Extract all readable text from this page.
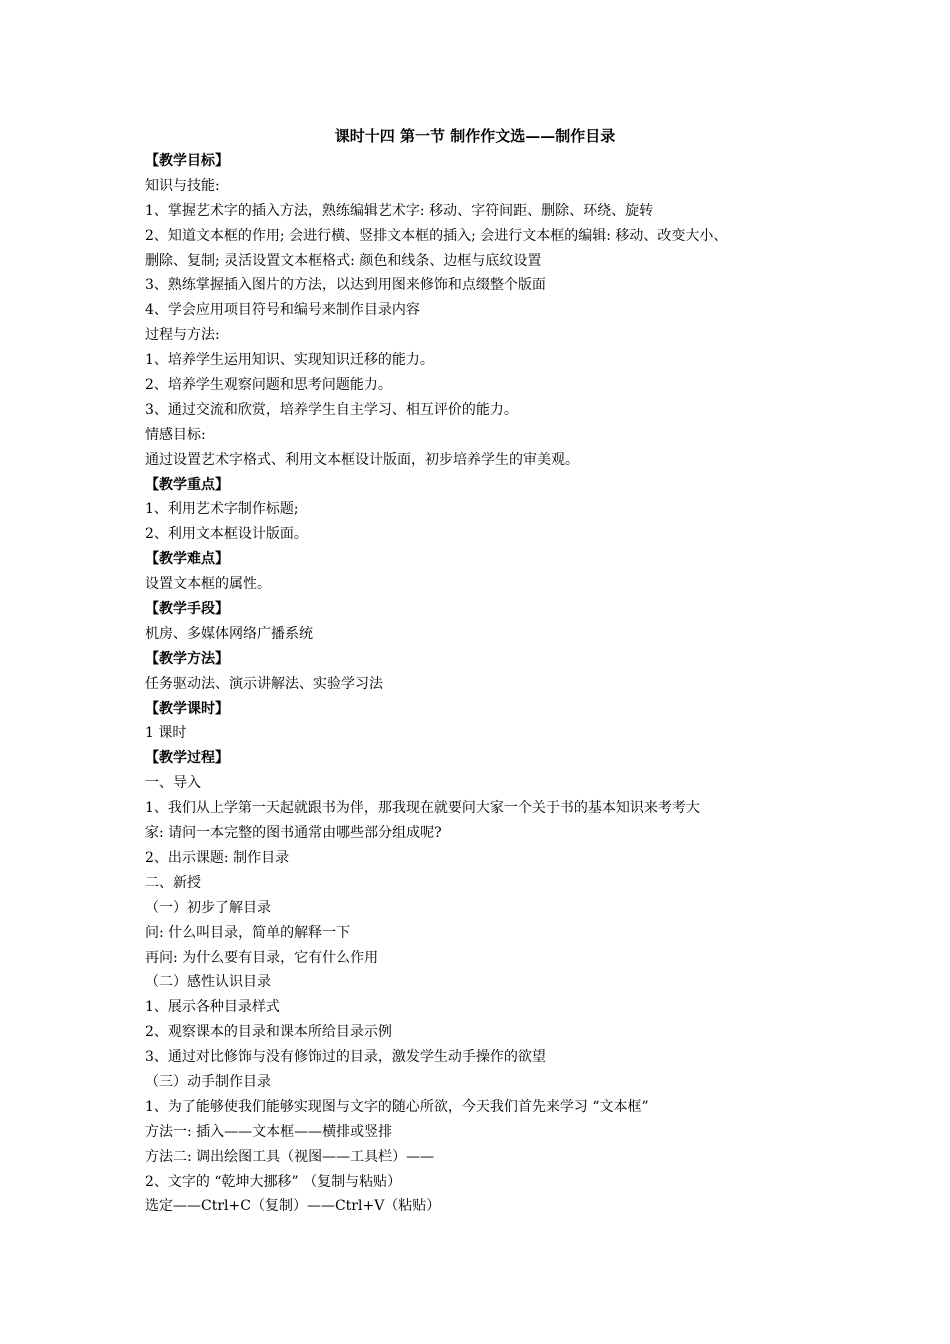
课时十四 第一节 制作作文选——制作目录
【教学目标】
知识与技能:
1、掌握艺术字的插入方法，熟练编辑艺术字: 移动、字符间距、删除、环绕、旋转
2、知道文本框的作用; 会进行横、竖排文本框的插入; 会进行文本框的编辑: 移动、改变大小、
删除、复制; 灵活设置文本框格式: 颜色和线条、边框与底纹设置
3、熟练掌握插入图片的方法，以达到用图来修饰和点缀整个版面
4、学会应用项目符号和编号来制作目录内容
过程与方法:
1、培养学生运用知识、实现知识迁移的能力。
2、培养学生观察问题和思考问题能力。
3、通过交流和欣赏，培养学生自主学习、相互评价的能力。
情感目标:
通过设置艺术字格式、利用文本框设计版面，初步培养学生的审美观。
【教学重点】
1、利用艺术字制作标题;
2、利用文本框设计版面。
【教学难点】
设置文本框的属性。
【教学手段】
机房、多媒体网络广播系统
【教学方法】
任务驱动法、演示讲解法、实验学习法
【教学课时】
1 课时
【教学过程】
一、导入
1、我们从上学第一天起就跟书为伴，那我现在就要问大家一个关于书的基本知识来考考大
家: 请问一本完整的图书通常由哪些部分组成呢?
2、出示课题: 制作目录
二、新授
（一）初步了解目录
问: 什么叫目录，简单的解释一下
再问: 为什么要有目录，它有什么作用
（二）感性认识目录
1、展示各种目录样式
2、观察课本的目录和课本所给目录示例
3、通过对比修饰与没有修饰过的目录，激发学生动手操作的欲望
（三）动手制作目录
1、为了能够使我们能够实现图与文字的随心所欲，今天我们首先来学习 “文本框”
方法一: 插入——文本框——横排或竖排
方法二: 调出绘图工具（视图——工具栏）——
2、文字的 “乾坤大挪移” （复制与粘贴）
选定——Ctrl+C（复制）——Ctrl+V（粘贴）
